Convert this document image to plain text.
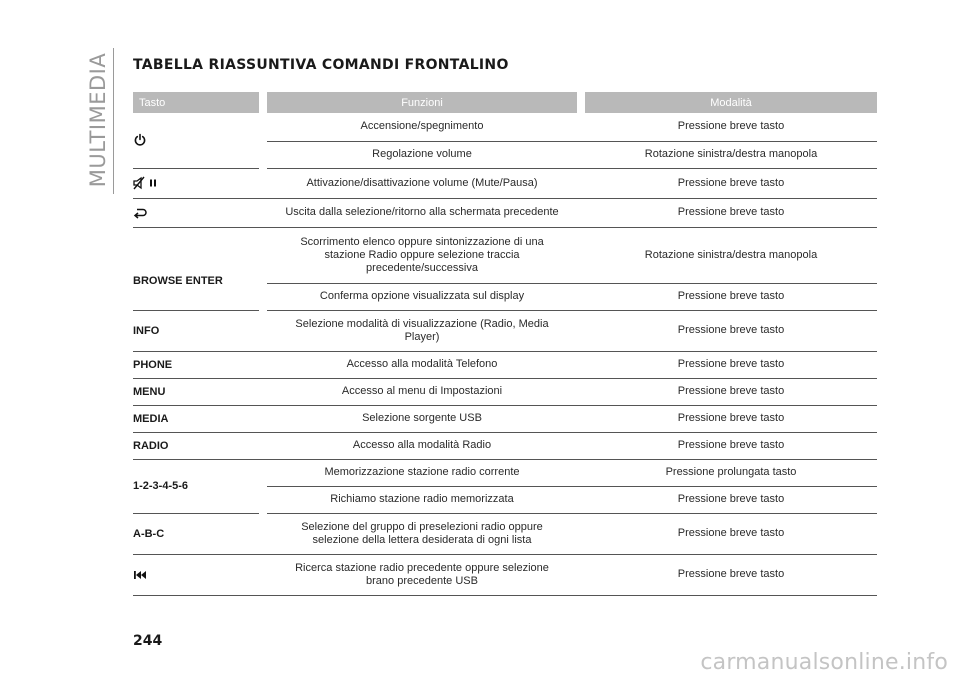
MULTIMEDIA TABELLA RIASSUNTIVA COMANDI FRONTALINO
Tasto		Funzioni		Modalità

		Accensione/spegnimento		Pressione breve tasto
		Regolazione volume		Rotazione sinistra/destra manopola

		Attivazione/disattivazione volume (Mute/Pausa)		Pressione breve tasto

		Uscita dalla selezione/ritorno alla schermata precedente		Pressione breve tasto
BROWSE ENTER		Scorrimento elenco oppure sintonizzazione di una stazione Radio oppure selezione traccia precedente/successiva		Rotazione sinistra/destra manopola
		Conferma opzione visualizzata sul display		Pressione breve tasto
INFO		Selezione modalità di visualizzazione (Radio, Media Player)		Pressione breve tasto
PHONE		Accesso alla modalità Telefono		Pressione breve tasto
MENU		Accesso al menu di Impostazioni		Pressione breve tasto
MEDIA		Selezione sorgente USB		Pressione breve tasto
RADIO		Accesso alla modalità Radio		Pressione breve tasto
1-2-3-4-5-6		Memorizzazione stazione radio corrente		Pressione prolungata tasto
		Richiamo stazione radio memorizzata		Pressione breve tasto
A-B-C		Selezione del gruppo di preselezioni radio oppure selezione della lettera desiderata di ogni lista		Pressione breve tasto

		Ricerca stazione radio precedente oppure selezione brano precedente USB		Pressione breve tasto
244
carmanualsonline.info
